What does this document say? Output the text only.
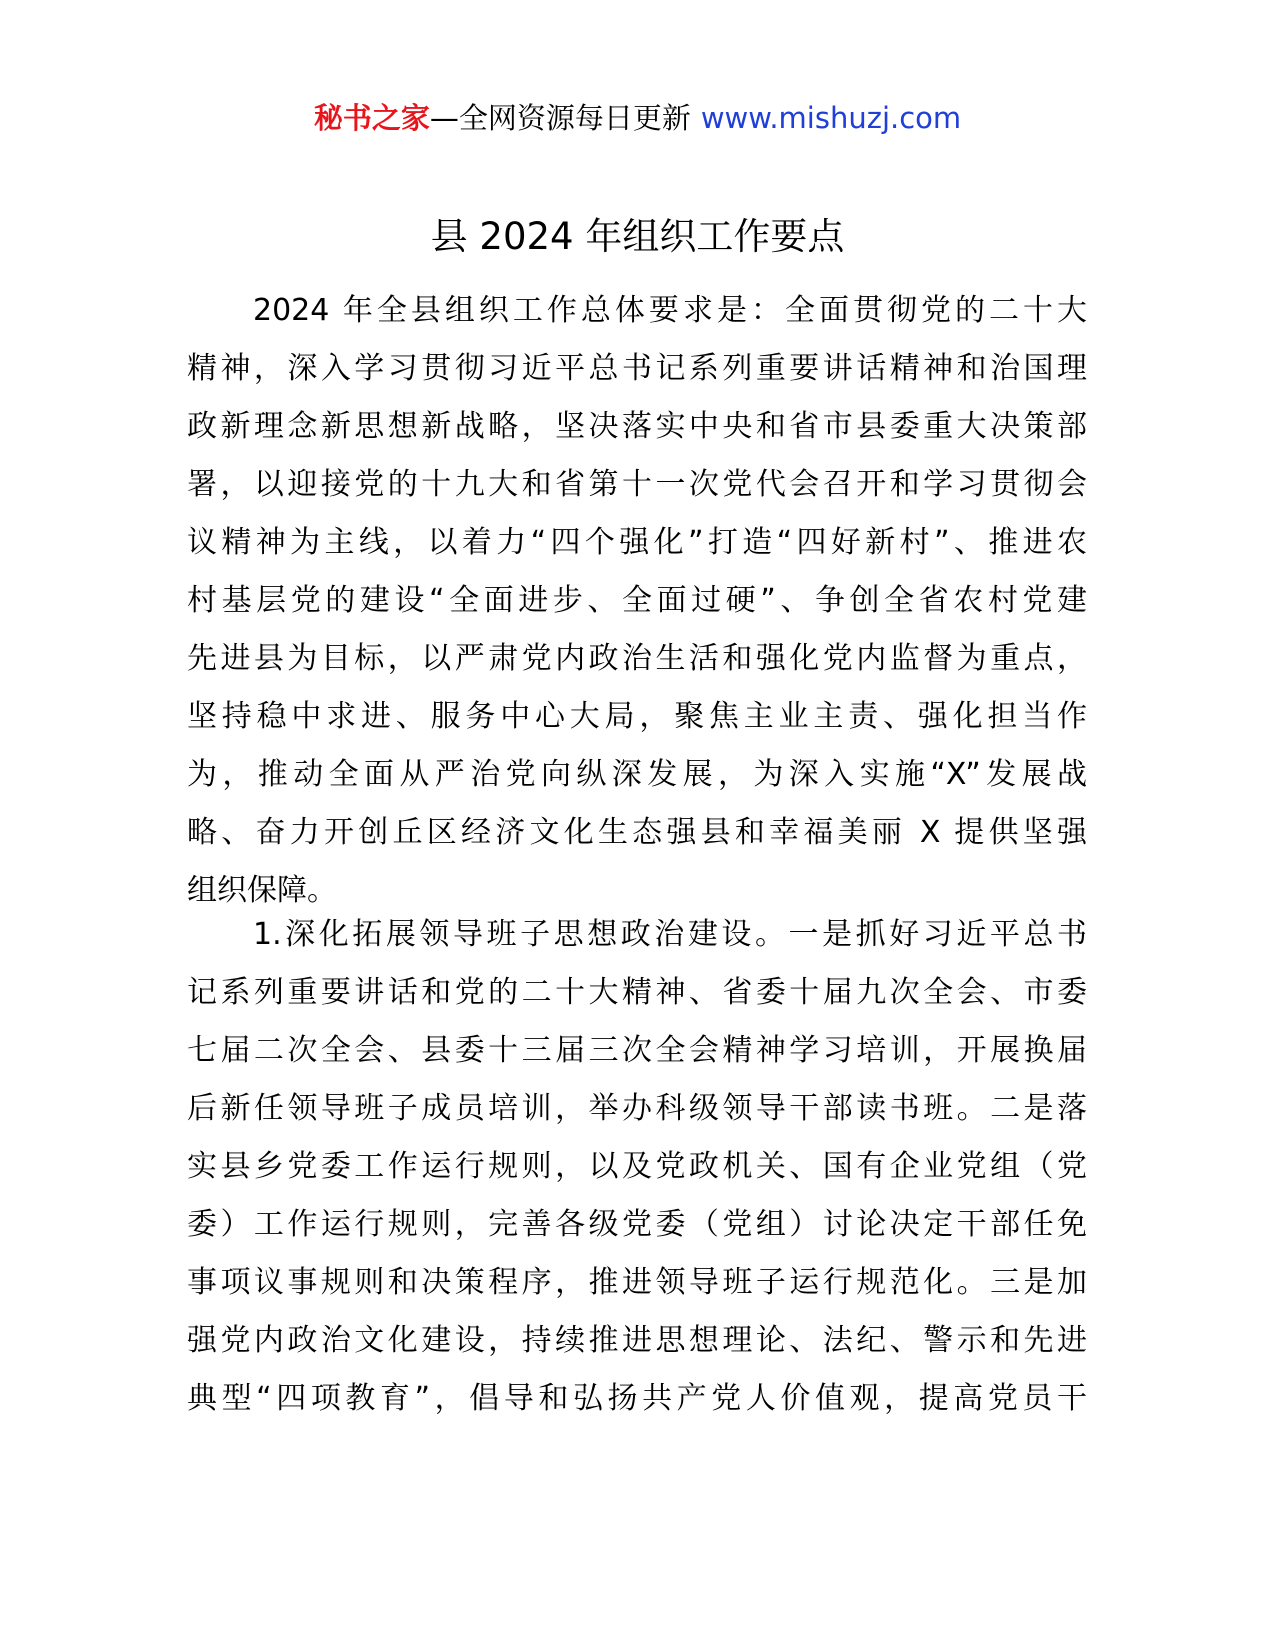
秘书之家—全网资源每日更新 www.mishuzj.com
县 2024 年组织工作要点
2024 年全县组织工作总体要求是：全面贯彻党的二十大
精神，深入学习贯彻习近平总书记系列重要讲话精神和治国理
政新理念新思想新战略，坚决落实中央和省市县委重大决策部
署，以迎接党的十九大和省第十一次党代会召开和学习贯彻会
议精神为主线，以着力“四个强化”打造“四好新村”、推进农
村基层党的建设“全面进步、全面过硬”、争创全省农村党建
先进县为目标，以严肃党内政治生活和强化党内监督为重点，
坚持稳中求进、服务中心大局，聚焦主业主责、强化担当作
为，推动全面从严治党向纵深发展，为深入实施“X”发展战
略、奋力开创丘区经济文化生态强县和幸福美丽 X 提供坚强
组织保障。
1.深化拓展领导班子思想政治建设。一是抓好习近平总书
记系列重要讲话和党的二十大精神、省委十届九次全会、市委
七届二次全会、县委十三届三次全会精神学习培训，开展换届
后新任领导班子成员培训，举办科级领导干部读书班。二是落
实县乡党委工作运行规则，以及党政机关、国有企业党组（党
委）工作运行规则，完善各级党委（党组）讨论决定干部任免
事项议事规则和决策程序，推进领导班子运行规范化。三是加
强党内政治文化建设，持续推进思想理论、法纪、警示和先进
典型“四项教育”，倡导和弘扬共产党人价值观，提高党员干
